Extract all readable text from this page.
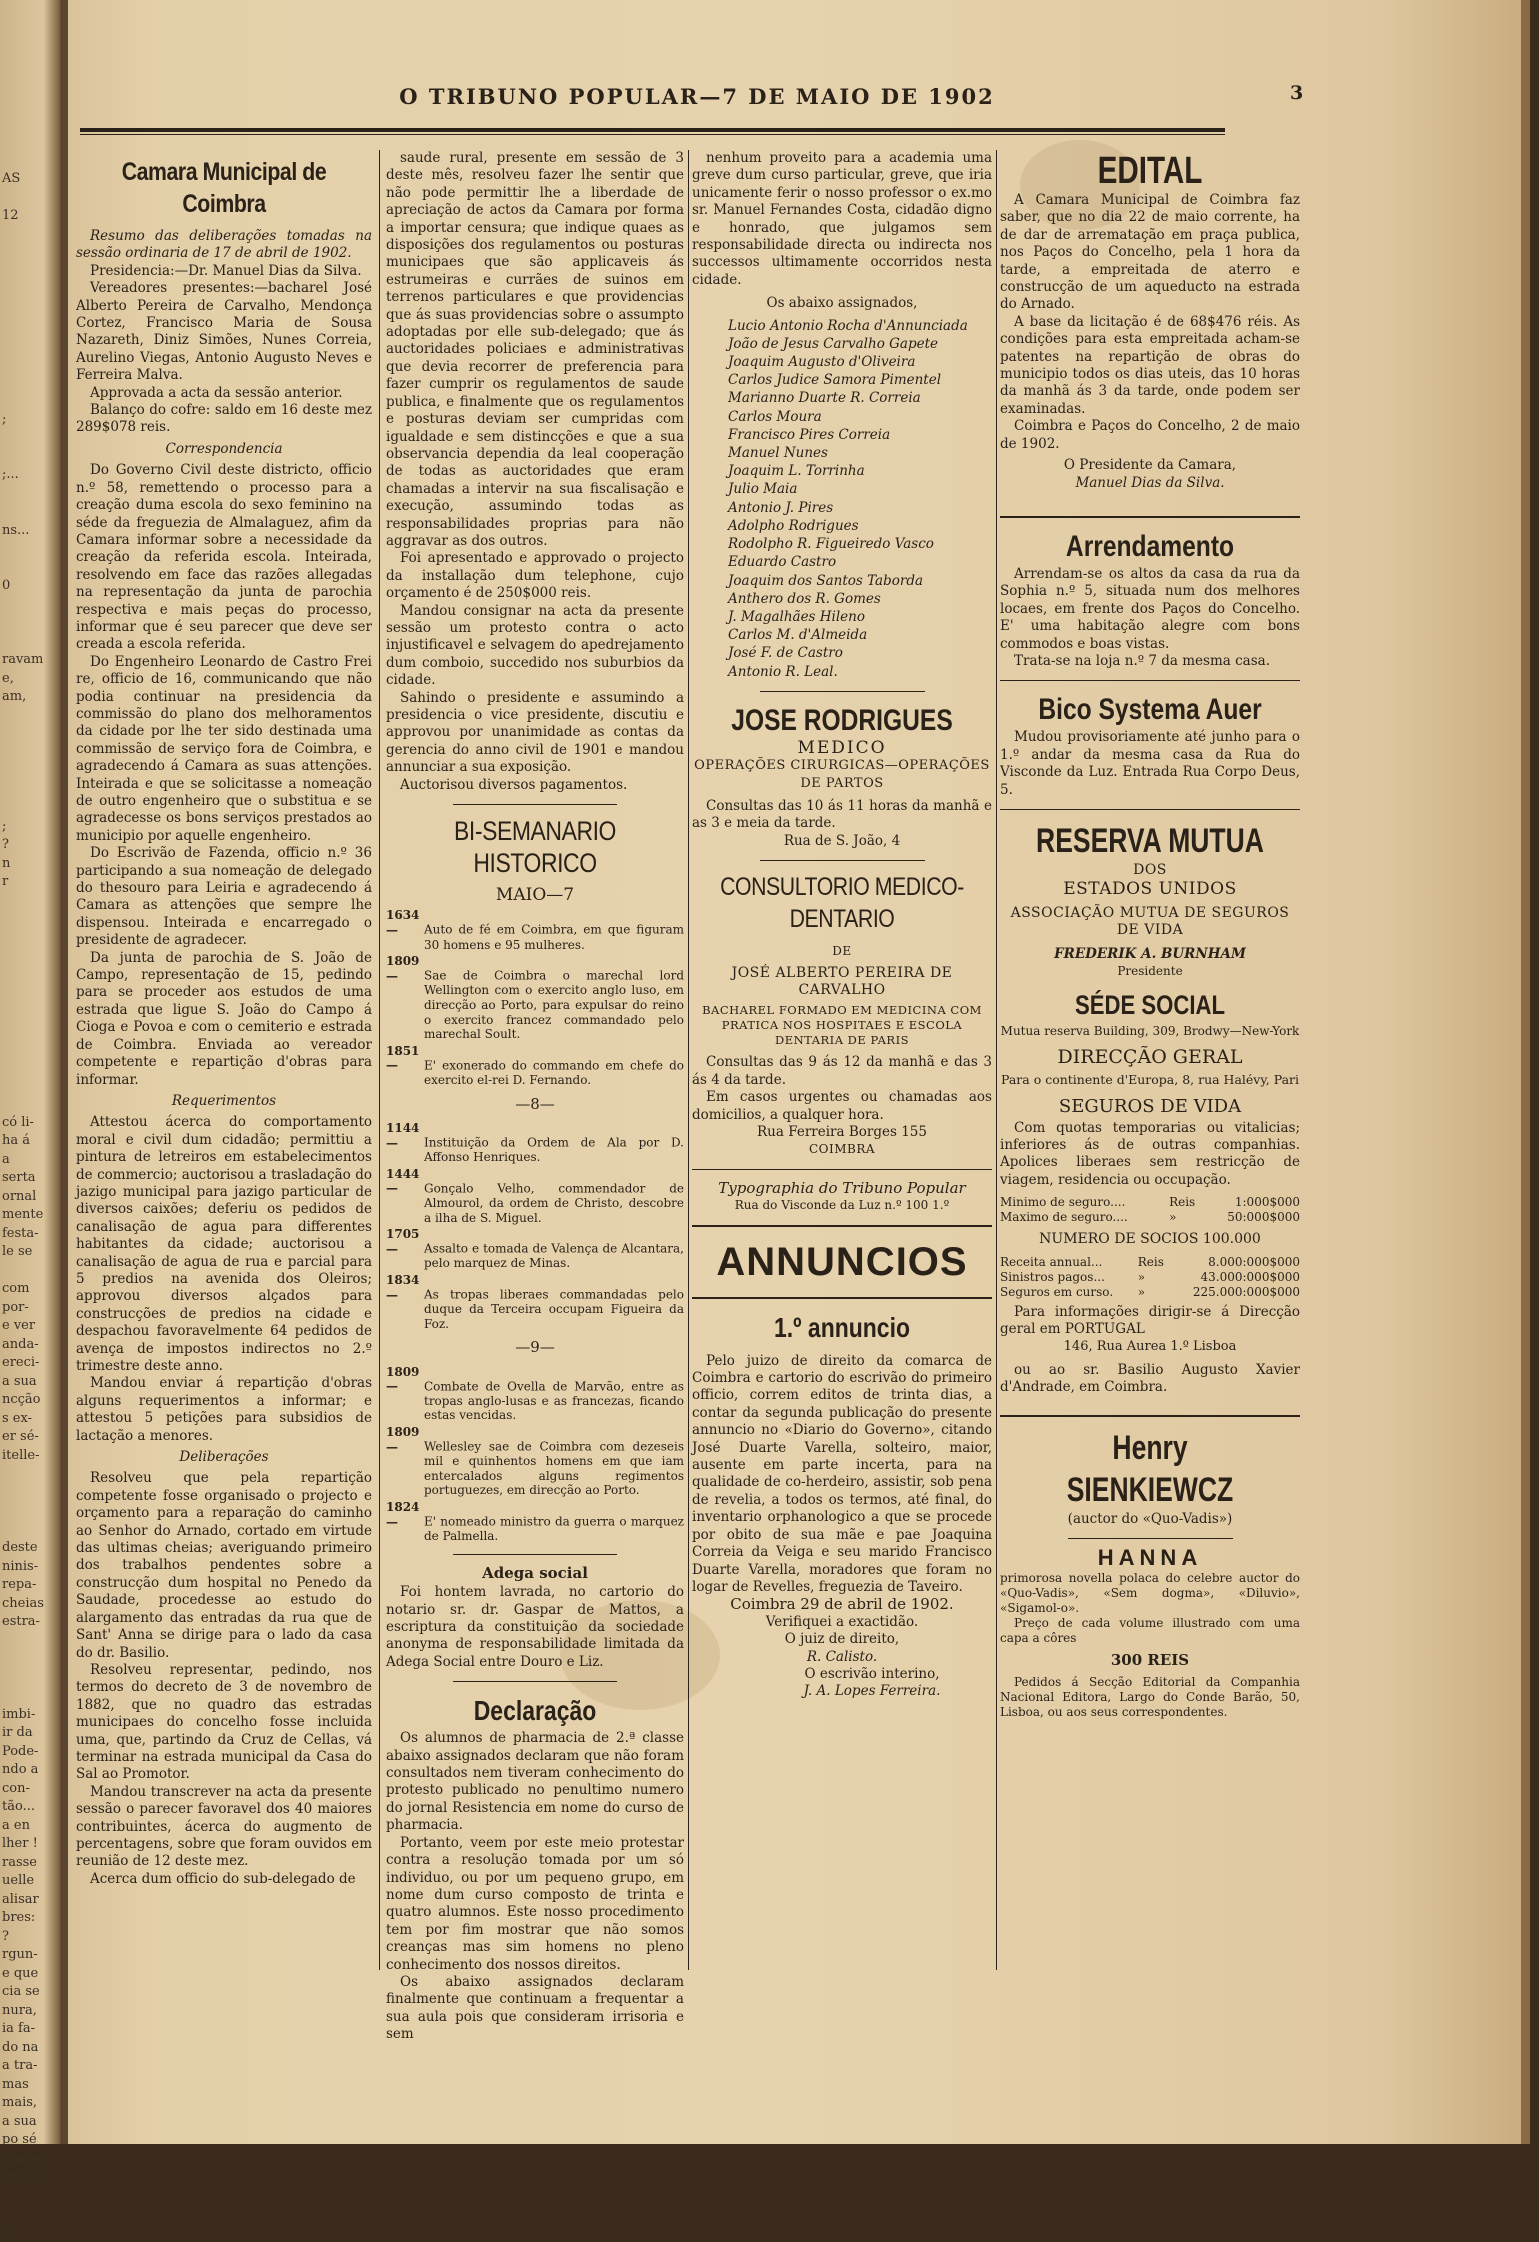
AS

12

;

;...

ns...

0

ravam
e,
am,

;
?
n
r

có li-
ha á
a
serta
ornal
mente
festa-
le se

com
por-
e ver
anda-
ereci-
a sua
ncção
s ex-
er sé-
itelle-

deste
ninis-
repa-
cheias
estra-

imbi-
ir da
Pode-
ndo a
con-
tão...
a en
lher !
rasse
uelle
alisar
bres:
?
rgun-
e que
cia se
nura,
ia fa-
do na
a tra-
mas
mais,
a sua
po sé
anapé
em o

).
O TRIBUNO POPULAR—7 DE MAIO DE 1902	3
Camara Municipal de Coimbra

Resumo das deliberações tomadas na sessão ordinaria de 17 de abril de 1902.

Presidencia:—Dr. Manuel Dias da Silva.

Vereadores presentes:—bacharel José Alberto Pereira de Carvalho, Mendonça Cortez, Francisco Maria de Sousa Nazareth, Diniz Simões, Nunes Correia, Aurelino Viegas, Antonio Augusto Neves e Ferreira Malva.

Approvada a acta da sessão anterior.

Balanço do cofre: saldo em 16 deste mez 289$078 reis.

Correspondencia

Do Governo Civil deste districto, officio n.º 58, remettendo o processo para a creação duma escola do sexo feminino na séde da freguezia de Almalaguez, afim da Camara informar sobre a necessidade da creação da referida escola. Inteirada, resolvendo em face das razões allegadas na representação da junta de parochia respectiva e mais peças do processo, informar que é seu parecer que deve ser creada a escola referida.

Do Engenheiro Leonardo de Castro Frei re, officio de 16, communicando que não podia continuar na presidencia da commissão do plano dos melhoramentos da cidade por lhe ter sido destinada uma commissão de serviço fora de Coimbra, e agradecendo á Camara as suas attenções. Inteirada e que se solicitasse a nomeação de outro engenheiro que o substitua e se agradecesse os bons serviços prestados ao municipio por aquelle engenheiro.

Do Escrivão de Fazenda, officio n.º 36 participando a sua nomeação de delegado do thesouro para Leiria e agradecendo á Camara as attenções que sempre lhe dispensou. Inteirada e encarregado o presidente de agradecer.

Da junta de parochia de S. João de Campo, representação de 15, pedindo para se proceder aos estudos de uma estrada que ligue S. João do Campo á Cioga e Povoa e com o cemiterio e estrada de Coimbra. Enviada ao vereador competente e repartição d'obras para informar.

Requerimentos

Attestou ácerca do comportamento moral e civil dum cidadão; permittiu a pintura de letreiros em estabelecimentos de commercio; auctorisou a trasladação do jazigo municipal para jazigo particular de diversos caixões; deferiu os pedidos de canalisação de agua para differentes habitantes da cidade; auctorisou a canalisação de agua de rua e parcial para 5 predios na avenida dos Oleiros; approvou diversos alçados para construcções de predios na cidade e despachou favoravelmente 64 pedidos de avença de impostos indirectos no 2.º trimestre deste anno.

Mandou enviar á repartição d'obras alguns requerimentos a informar; e attestou 5 petições para subsidios de lactação a menores.

Deliberações

Resolveu que pela repartição competente fosse organisado o projecto e orçamento para a reparação do caminho ao Senhor do Arnado, cortado em virtude das ultimas cheias; averiguando primeiro dos trabalhos pendentes sobre a construcção dum hospital no Penedo da Saudade, procedesse ao estudo do alargamento das entradas da rua que de Sant' Anna se dirige para o lado da casa do dr. Basilio.

Resolveu representar, pedindo, nos termos do decreto de 3 de novembro de 1882, que no quadro das estradas municipaes do concelho fosse incluida uma, que, partindo da Cruz de Cellas, vá terminar na estrada municipal da Casa do Sal ao Promotor.

Mandou transcrever na acta da presente sessão o parecer favoravel dos 40 maiores contribuintes, ácerca do augmento de percentagens, sobre que foram ouvidos em reunião de 12 deste mez.

Acerca dum officio do sub-delegado de

saude rural, presente em sessão de 3 deste mês, resolveu fazer lhe sentir que não pode permittir lhe a liberdade de apreciação de actos da Camara por forma a importar censura; que indique quaes as disposições dos regulamentos ou posturas municipaes que são applicaveis ás estrumeiras e currães de suinos em terrenos particulares e que providencias que ás suas providencias sobre o assumpto adoptadas por elle sub-delegado; que ás auctoridades policiaes e administrativas que devia recorrer de preferencia para fazer cumprir os regulamentos de saude publica, e finalmente que os regulamentos e posturas deviam ser cumpridas com igualdade e sem distincções e que a sua observancia dependia da leal cooperação de todas as auctoridades que eram chamadas a intervir na sua fiscalisação e execução, assumindo todas as responsabilidades proprias para não aggravar as dos outros.

Foi apresentado e approvado o projecto da installação dum telephone, cujo orçamento é de 250$000 reis.

Mandou consignar na acta da presente sessão um protesto contra o acto injustificavel e selvagem do apedrejamento dum comboio, succedido nos suburbios da cidade.

Sahindo o presidente e assumindo a presidencia o vice presidente, discutiu e approvou por unanimidade as contas da gerencia do anno civil de 1901 e mandou annunciar a sua exposição.

Auctorisou diversos pagamentos.

BI-SEMANARIO HISTORICO

MAIO—7

1634— Auto de fé em Coimbra, em que figuram 30 homens e 95 mulheres.

1809— Sae de Coimbra o marechal lord Wellington com o exercito anglo luso, em direcção ao Porto, para expulsar do reino o exercito francez commandado pelo marechal Soult.

1851— E' exonerado do commando em chefe do exercito el-rei D. Fernando.

—8—

1144— Instituição da Ordem de Ala por D. Affonso Henriques.

1444— Gonçalo Velho, commendador de Almourol, da ordem de Christo, descobre a ilha de S. Miguel.

1705— Assalto e tomada de Valença de Alcantara, pelo marquez de Minas.

1834— As tropas liberaes commandadas pelo duque da Terceira occupam Figueira da Foz.

—9—

1809— Combate de Ovella de Marvão, entre as tropas anglo-lusas e as francezas, ficando estas vencidas.

1809— Wellesley sae de Coimbra com dezeseis mil e quinhentos homens em que iam entercalados alguns regimentos portuguezes, em direcção ao Porto.

1824— E' nomeado ministro da guerra o marquez de Palmella.

Adega social

Foi hontem lavrada, no cartorio do notario sr. dr. Gaspar de Mattos, a escriptura da constituição da sociedade anonyma de responsabilidade limitada da Adega Social entre Douro e Liz.

Declaração

Os alumnos de pharmacia de 2.ª classe abaixo assignados declaram que não foram consultados nem tiveram conhecimento do protesto publicado no penultimo numero do jornal Resistencia em nome do curso de pharmacia.

Portanto, veem por este meio protestar contra a resolução tomada por um só individuo, ou por um pequeno grupo, em nome dum curso composto de trinta e quatro alumnos. Este nosso procedimento tem por fim mostrar que não somos creanças mas sim homens no pleno conhecimento dos nossos direitos.

Os abaixo assignados declaram finalmente que continuam a frequentar a sua aula pois que consideram irrisoria e sem

nenhum proveito para a academia uma greve dum curso particular, greve, que iria unicamente ferir o nosso professor o ex.mo sr. Manuel Fernandes Costa, cidadão digno e honrado, que julgamos sem responsabilidade directa ou indirecta nos successos ultimamente occorridos nesta cidade.

Os abaixo assignados,

Lucio Antonio Rocha d'Annunciada

João de Jesus Carvalho Gapete

Joaquim Augusto d'Oliveira

Carlos Judice Samora Pimentel

Marianno Duarte R. Correia

Carlos Moura

Francisco Pires Correia

Manuel Nunes

Joaquim L. Torrinha

Julio Maia

Antonio J. Pires

Adolpho Rodrigues

Rodolpho R. Figueiredo Vasco

Eduardo Castro

Joaquim dos Santos Taborda

Anthero dos R. Gomes

J. Magalhães Hileno

Carlos M. d'Almeida

José F. de Castro

Antonio R. Leal.

JOSE RODRIGUES

MEDICO

OPERAÇÕES CIRURGICAS—OPERAÇÕES DE PARTOS

Consultas das 10 ás 11 horas da manhã e as 3 e meia da tarde.

Rua de S. João, 4

CONSULTORIO MEDICO-DENTARIO

DE

JOSÉ ALBERTO PEREIRA DE CARVALHO

BACHAREL FORMADO EM MEDICINA COM PRATICA NOS HOSPITAES E ESCOLA DENTARIA DE PARIS

Consultas das 9 ás 12 da manhã e das 3 ás 4 da tarde.

Em casos urgentes ou chamadas aos domicilios, a qualquer hora.

Rua Ferreira Borges 155

COIMBRA

Typographia do Tribuno Popular

Rua do Visconde da Luz n.º 100 1.º

ANNUNCIOS
1.º annuncio

Pelo juizo de direito da comarca de Coimbra e cartorio do escrivão do primeiro officio, correm editos de trinta dias, a contar da segunda publicação do presente annuncio no «Diario do Governo», citando José Duarte Varella, solteiro, maior, ausente em parte incerta, para na qualidade de co-herdeiro, assistir, sob pena de revelia, a todos os termos, até final, do inventario orphanologico a que se procede por obito de sua mãe e pae Joaquina Correia da Veiga e seu marido Francisco Duarte Varella, moradores que foram no logar de Revelles, freguezia de Taveiro.

Coimbra 29 de abril de 1902.

Verifiquei a exactidão.

O juiz de direito,

R. Calisto.

O escrivão interino,

J. A. Lopes Ferreira.

EDITAL

A Camara Municipal de Coimbra faz saber, que no dia 22 de maio corrente, ha de dar de arrematação em praça publica, nos Paços do Concelho, pela 1 hora da tarde, a empreitada de aterro e construcção de um aqueducto na estrada do Arnado.

A base da licitação é de 68$476 réis. As condições para esta empreitada acham-se patentes na repartição de obras do municipio todos os dias uteis, das 10 horas da manhã ás 3 da tarde, onde podem ser examinadas.

Coimbra e Paços do Concelho, 2 de maio de 1902.

O Presidente da Camara,

Manuel Dias da Silva.

Arrendamento

Arrendam-se os altos da casa da rua da Sophia n.º 5, situada num dos melhores locaes, em frente dos Paços do Concelho. E' uma habitação alegre com bons commodos e boas vistas.

Trata-se na loja n.º 7 da mesma casa.

Bico Systema Auer

Mudou provisoriamente até junho para o 1.º andar da mesma casa da Rua do Visconde da Luz. Entrada Rua Corpo Deus, 5.

RESERVA MUTUA

DOS

ESTADOS UNIDOS

ASSOCIAÇÃO MUTUA DE SEGUROS DE VIDA

FREDERIK A. BURNHAM

Presidente

SÉDE SOCIAL

Mutua reserva Building, 309, Brodwy—New-York

DIRECÇÃO GERAL

Para o continente d'Europa, 8, rua Halévy, Pari

SEGUROS DE VIDA

Com quotas temporarias ou vitalicias; inferiores ás de outras companhias. Apolices liberaes sem restricção de viagem, residencia ou occupação.

Minimo de seguro....	Reis	1:000$000
Maximo de seguro....	»	50:000$000

NUMERO DE SOCIOS 100.000

Receita annual...	Reis	8.000:000$000
Sinistros pagos...	»	43.000:000$000
Seguros em curso.	»	225.000:000$000

Para informações dirigir-se á Direcção geral em PORTUGAL

146, Rua Aurea 1.º Lisboa

ou ao sr. Basilio Augusto Xavier d'Andrade, em Coimbra.

Henry SIENKIEWCZ

(auctor do «Quo-Vadis»)

HANNA

primorosa novella polaca do celebre auctor do «Quo-Vadis», «Sem dogma», «Diluvio», «Sigamol-o».

Preço de cada volume illustrado com uma capa a côres

300 REIS

Pedidos á Secção Editorial da Companhia Nacional Editora, Largo do Conde Barão, 50, Lisboa, ou aos seus correspondentes.
